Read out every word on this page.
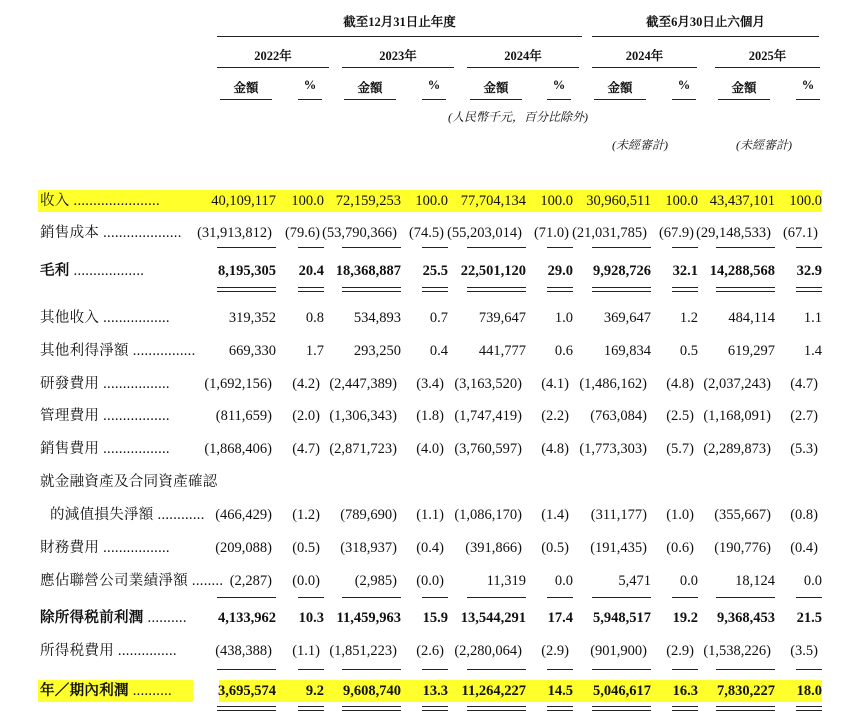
截至12月31日止年度	截至6月30日止六個月
2022年	2023年	2024年	2024年	2025年
金額	%	金額	%	金額	%	金額	%	金額	%
(人民幣千元，百分比除外)
(未經審計)	(未經審計)
收入 ......................	40,109,117 100.0 72,159,253 100.0 77,704,134 100.0 30,960,511 100.0 43,437,101 100.0
銷售成本 ....................	(31,913,812) (79.6) (53,790,366) (74.5) (55,203,014) (71.0) (21,031,785) (67.9) (29,148,533) (67.1)
毛利 ..................	8,195,305 20.4 18,368,887 25.5 22,501,120 29.0 9,928,726 32.1 14,288,568 32.9
其他收入 .................	319,352 0.8 534,893 0.7 739,647 1.0 369,647 1.2 484,114 1.1
其他利得淨額 ................	669,330 1.7 293,250 0.4 441,777 0.6 169,834 0.5 619,297 1.4
研發費用 .................	(1,692,156) (4.2) (2,447,389) (3.4) (3,163,520) (4.1) (1,486,162) (4.8) (2,037,243) (4.7)
管理費用 .................	(811,659) (2.0) (1,306,343) (1.8) (1,747,419) (2.2) (763,084) (2.5) (1,168,091) (2.7)
銷售費用 .................	(1,868,406) (4.7) (2,871,723) (4.0) (3,760,597) (4.8) (1,773,303) (5.7) (2,289,873) (5.3)
就金融資產及合同資產確認
的減值損失淨額 ............ (466,429) (1.2) (789,690) (1.1) (1,086,170) (1.4) (311,177) (1.0) (355,667) (0.8)
財務費用 .................	(209,088) (0.5) (318,937) (0.4) (391,866) (0.5) (191,435) (0.6) (190,776) (0.4)
應佔聯營公司業績淨額 ........ (2,287) (0.0) (2,985) (0.0)	11,319 0.0	5,471 0.0	18,124 0.0
除所得税前利潤 ..........	4,133,962 10.3 11,459,963 15.9 13,544,291 17.4 5,948,517 19.2 9,368,453 21.5
所得税費用 ...............	(438,388) (1.1) (1,851,223) (2.6) (2,280,064) (2.9) (901,900) (2.9) (1,538,226) (3.5)
年／期內利潤 ..........	3,695,574 9.2 9,608,740 13.3 11,264,227 14.5 5,046,617 16.3 7,830,227 18.0
